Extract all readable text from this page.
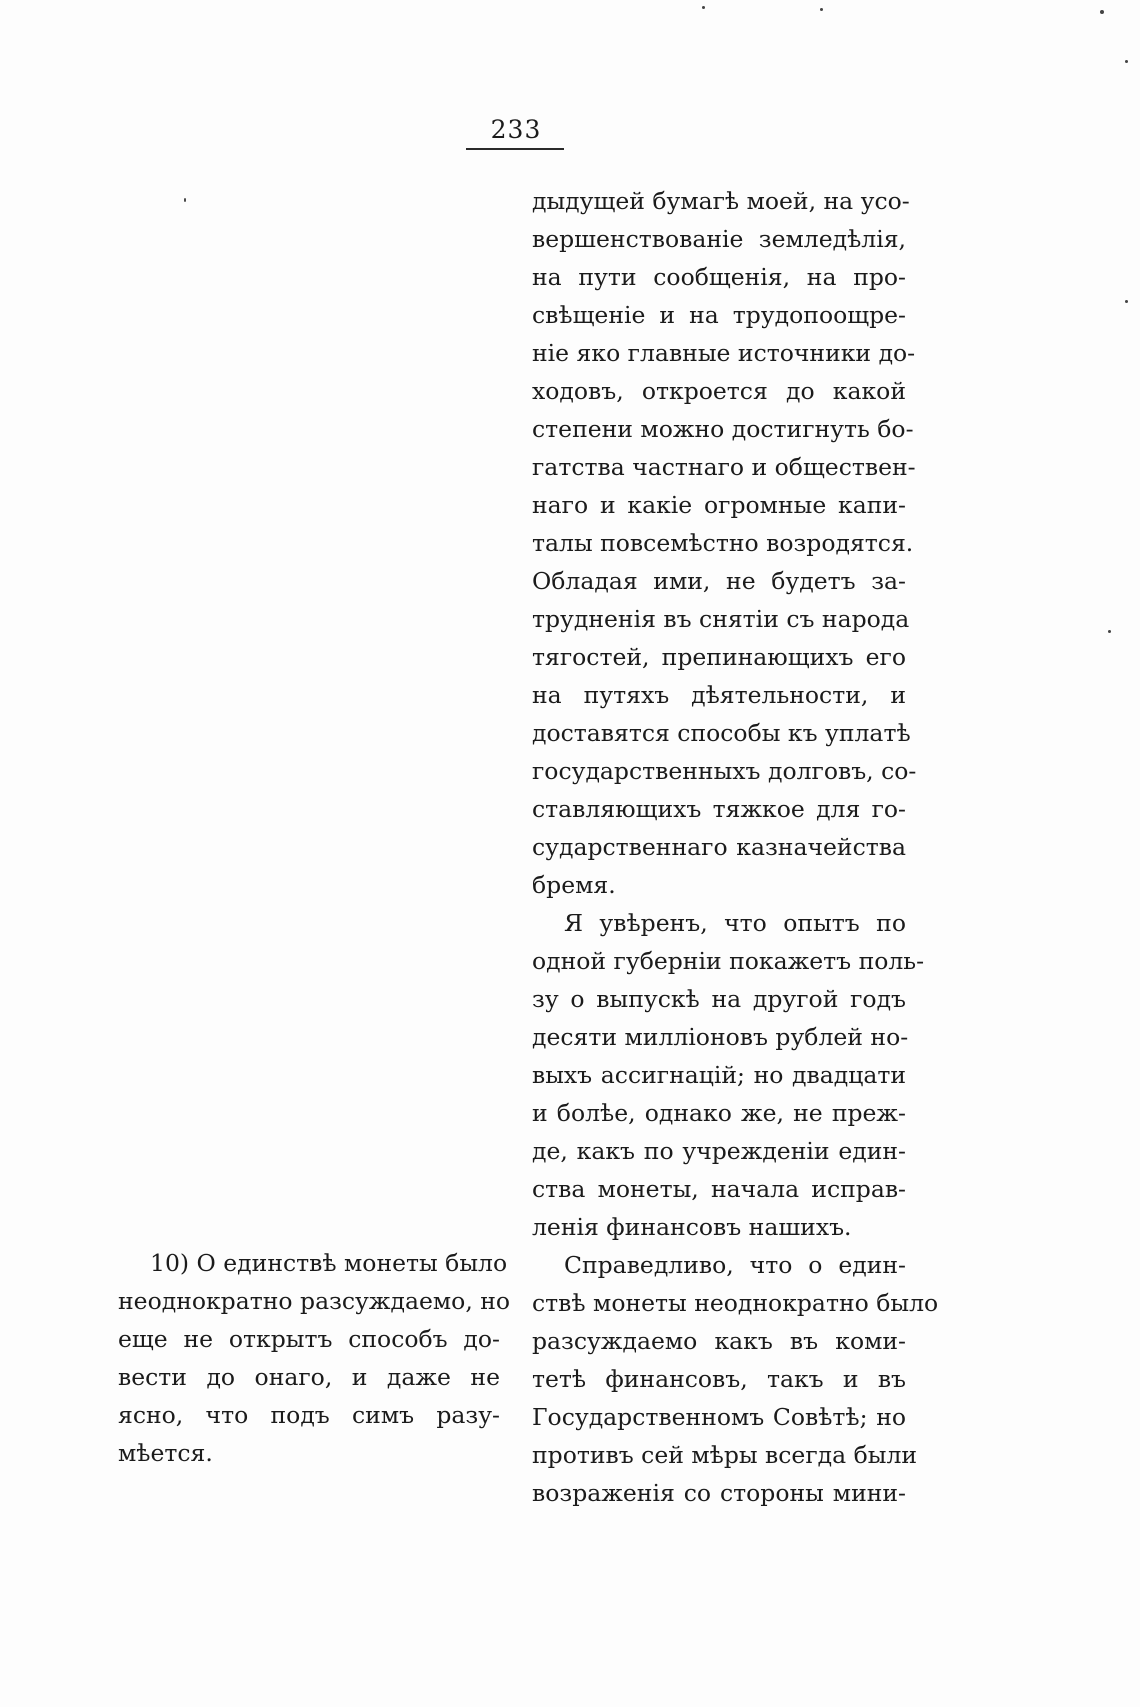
233

дыдущей бумагѣ моей, на усо-
вершенствованіе земледѣлія,
на пути сообщенія, на про-
свѣщеніе и на трудопоощре-
ніе яко главные источники до-
ходовъ, откроется до какой
степени можно достигнуть бо-
гатства частнаго и обществен-
наго и какіе огромные капи-
талы повсемѣстно возродятся.
Обладая ими, не будетъ за-
трудненія въ снятіи съ народа
тягостей, препинающихъ его
на путяхъ дѣятельности, и
доставятся способы къ уплатѣ
государственныхъ долговъ, со-
ставляющихъ тяжкое для го-
сударственнаго казначейства
бремя.

Я увѣренъ, что опытъ по
одной губерніи покажетъ поль-
зу о выпускѣ на другой годъ
десяти милліоновъ рублей но-
выхъ ассигнацій; но двадцати
и болѣе, однако же, не преж-
де, какъ по учрежденіи един-
ства монеты, начала исправ-
ленія финансовъ нашихъ.

Справедливо, что о един-
ствѣ монеты неоднократно было
разсуждаемо какъ въ коми-
тетѣ финансовъ, такъ и въ
Государственномъ Совѣтѣ; но
противъ сей мѣры всегда были
возраженія со стороны мини-

10) О единствѣ монеты было
неоднократно разсуждаемо, но
еще не открытъ способъ до-
вести до онаго, и даже не
ясно, что подъ симъ разу-
мѣется.
